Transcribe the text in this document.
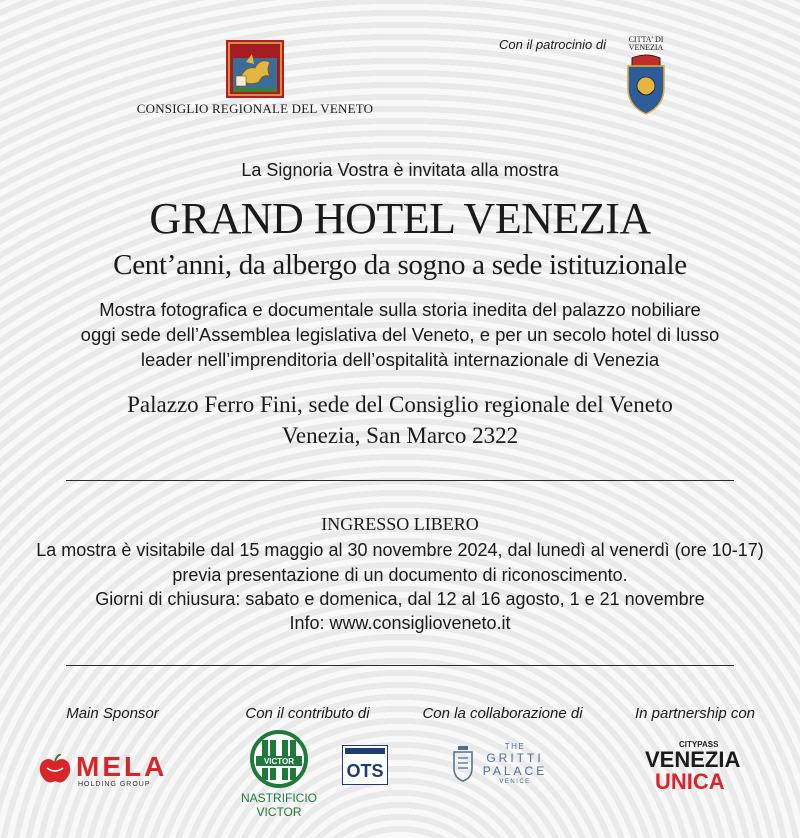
CONSIGLIO REGIONALE DEL VENETO
Con il patrocinio di	CITTA' DI
VENEZIA
La Signoria Vostra è invitata alla mostra
GRAND HOTEL VENEZIA
Cent’anni, da albergo da sogno a sede istituzionale
Mostra fotografica e documentale sulla storia inedita del palazzo nobiliare
oggi sede dell’Assemblea legislativa del Veneto, e per un secolo hotel di lusso
leader nell’imprenditoria dell’ospitalità internazionale di Venezia
Palazzo Ferro Fini, sede del Consiglio regionale del Veneto
Venezia, San Marco 2322
INGRESSO LIBERO
La mostra è visitabile dal 15 maggio al 30 novembre 2024, dal lunedì al venerdì (ore 10-17)
previa presentazione di un documento di riconoscimento.
Giorni di chiusura: sabato e domenica, dal 12 al 16 agosto, 1 e 21 novembre
Info: www.consiglioveneto.it
Main Sponsor	Con il contributo di	Con la collaborazione di	In partnership con
MELA
HOLDING GROUP
VICTOR
NASTRIFICIO VICTOR
OTS
THE
GRITTI
PALACE
VENICE
CITYPASS
VENEZIA
UNICA
